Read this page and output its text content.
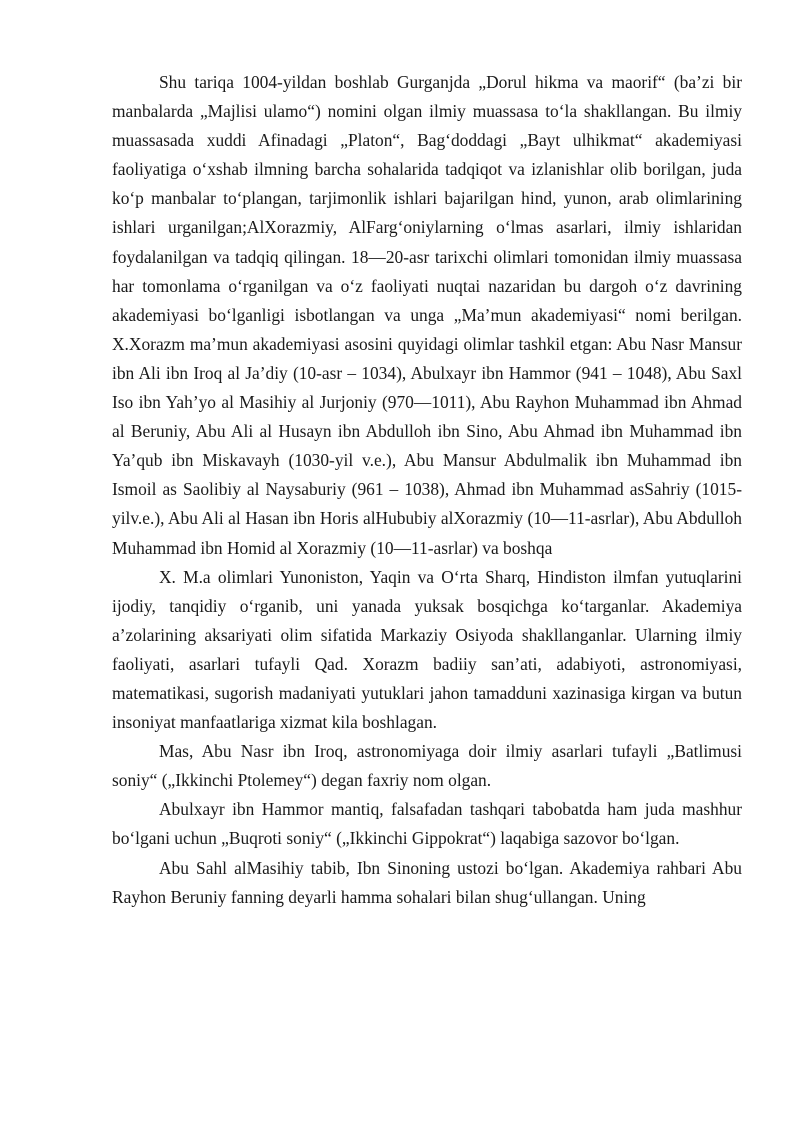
Shu tariqa 1004-yildan boshlab Gurganjda „Dorul hikma va maorif“ (ba’zi bir manbalarda „Majlisi ulamo“) nomini olgan ilmiy muassasa to‘la shakllangan. Bu ilmiy muassasada xuddi Afinadagi „Platon“, Bag‘doddagi „Bayt ulhikmat“ akademiyasi faoliyatiga o‘xshab ilmning barcha sohalarida tadqiqot va izlanishlar olib borilgan, juda ko‘p manbalar to‘plangan, tarjimonlik ishlari bajarilgan hind, yunon, arab olimlarining ishlari urganilgan;AlXorazmiy, AlFarg‘oniylarning o‘lmas asarlari, ilmiy ishlaridan foydalanilgan va tadqiq qilingan. 18—20-asr tarixchi olimlari tomonidan ilmiy muassasa har tomonlama o‘rganilgan va o‘z faoliyati nuqtai nazaridan bu dargoh o‘z davrining akademiyasi bo‘lganligi isbotlangan va unga „Ma’mun akademiyasi“ nomi berilgan. X.Xorazm ma’mun akademiyasi asosini quyidagi olimlar tashkil etgan: Abu Nasr Mansur ibn Ali ibn Iroq al Ja’diy (10-asr – 1034), Abulxayr ibn Hammor (941 – 1048), Abu Saxl Iso ibn Yah’yo al Masihiy al Jurjoniy (970—1011), Abu Rayhon Muhammad ibn Ahmad al Beruniy, Abu Ali al Husayn ibn Abdulloh ibn Sino, Abu Ahmad ibn Muhammad ibn Ya’qub ibn Miskavayh (1030-yil v.e.), Abu Mansur Abdulmalik ibn Muhammad ibn Ismoil as Saolibiy al Naysaburiy (961 – 1038), Ahmad ibn Muhammad asSahriy (1015-yilv.e.), Abu Ali al Hasan ibn Horis alHububiy alXorazmiy (10—11-asrlar), Abu Abdulloh Muhammad ibn Homid al Xorazmiy (10—11-asrlar) va boshqa

X. M.a olimlari Yunoniston, Yaqin va O‘rta Sharq, Hindiston ilmfan yutuqlarini ijodiy, tanqidiy o‘rganib, uni yanada yuksak bosqichga ko‘targanlar. Akademiya a’zolarining aksariyati olim sifatida Markaziy Osiyoda shakllanganlar. Ularning ilmiy faoliyati, asarlari tufayli Qad. Xorazm badiiy san’ati, adabiyoti, astronomiyasi, matematikasi, sugorish madaniyati yutuklari jahon tamadduni xazinasiga kirgan va butun insoniyat manfaatlariga xizmat kila boshlagan.

Mas, Abu Nasr ibn Iroq, astronomiyaga doir ilmiy asarlari tufayli „Batlimusi soniy“ („Ikkinchi Ptolemey“) degan faxriy nom olgan.

Abulxayr ibn Hammor mantiq, falsafadan tashqari tabobatda ham juda mashhur bo‘lgani uchun „Buqroti soniy“ („Ikkinchi Gippokrat“) laqabiga sazovor bo‘lgan.

Abu Sahl alMasihiy tabib, Ibn Sinoning ustozi bo‘lgan. Akademiya rahbari Abu Rayhon Beruniy fanning deyarli hamma sohalari bilan shug‘ullangan. Uning
